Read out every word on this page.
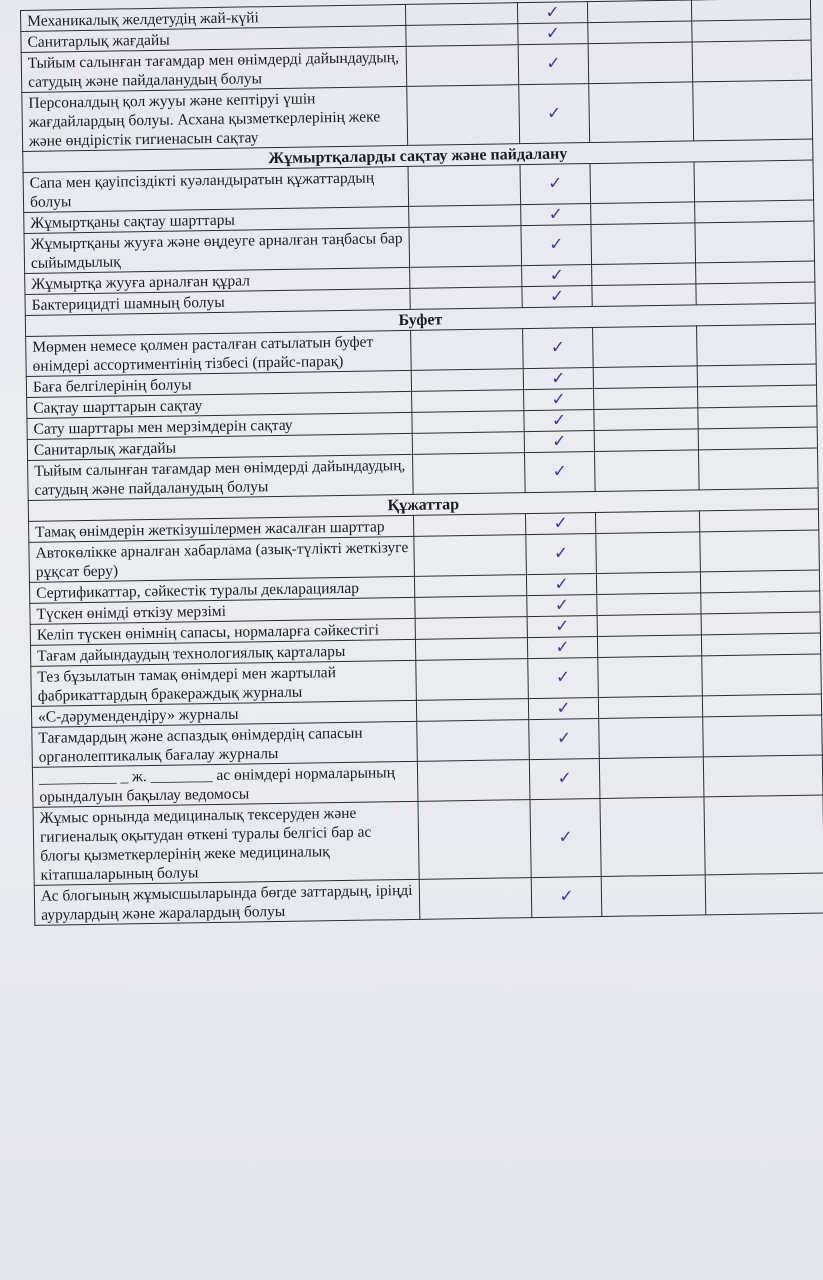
Механикалық желдетудің жай-күйі		✓		
Санитарлық жағдайы		✓		
Тыйым салынған тағамдар мен өнімдерді дайындаудың, сатудың және пайдаланудың болуы		✓		
Персоналдың қол жууы және кептіруі үшін жағдайлардың болуы. Асхана қызметкерлерінің жеке және өндірістік гигиенасын сақтау		✓		
Жұмыртқаларды сақтау және пайдалану				
Сапа мен қауіпсіздікті куәландыратын құжаттардың болуы		✓		
Жұмыртқаны сақтау шарттары		✓		
Жұмыртқаны жууға және өңдеуге арналған таңбасы бар сыйымдылық		✓		
Жұмыртқа жууға арналған құрал		✓		
Бактерицидті шамның болуы		✓		
Буфет				
Мөрмен немесе қолмен расталған сатылатын буфет өнімдері ассортиментінің тізбесі (прайс-парақ)		✓		
Баға белгілерінің болуы		✓		
Сақтау шарттарын сақтау		✓		
Сату шарттары мен мерзімдерін сақтау		✓		
Санитарлық жағдайы		✓		
Тыйым салынған тағамдар мен өнімдерді дайындаудың, сатудың және пайдаланудың болуы		✓		
Құжаттар				
Тамақ өнімдерін жеткізушілермен жасалған шарттар		✓		
Автокөлікке арналған хабарлама (азық-түлікті жеткізуге рұқсат беру)		✓		
Сертификаттар, сәйкестік туралы декларациялар		✓		
Түскен өнімді өткізу мерзімі		✓		
Келіп түскен өнімнің сапасы, нормаларға сәйкестігі		✓		
Тағам дайындаудың технологиялық карталары		✓		
Тез бұзылатын тамақ өнімдері мен жартылай фабрикаттардың бракераждық журналы		✓		
«С-дәрумендендіру» журналы		✓		
Тағамдардың және аспаздық өнімдердің сапасын органолептикалық бағалау журналы		✓		
__________ _ ж. ________ ас өнімдері нормаларының орындалуын бақылау ведомосы		✓		
Жұмыс орнында медициналық тексеруден және гигиеналық оқытудан өткені туралы белгісі бар ас блогы қызметкерлерінің жеке медициналық кітапшаларының болуы		✓		
Ас блогының жұмысшыларында бөгде заттардың, іріңді аурулардың және жаралардың болуы		✓		
